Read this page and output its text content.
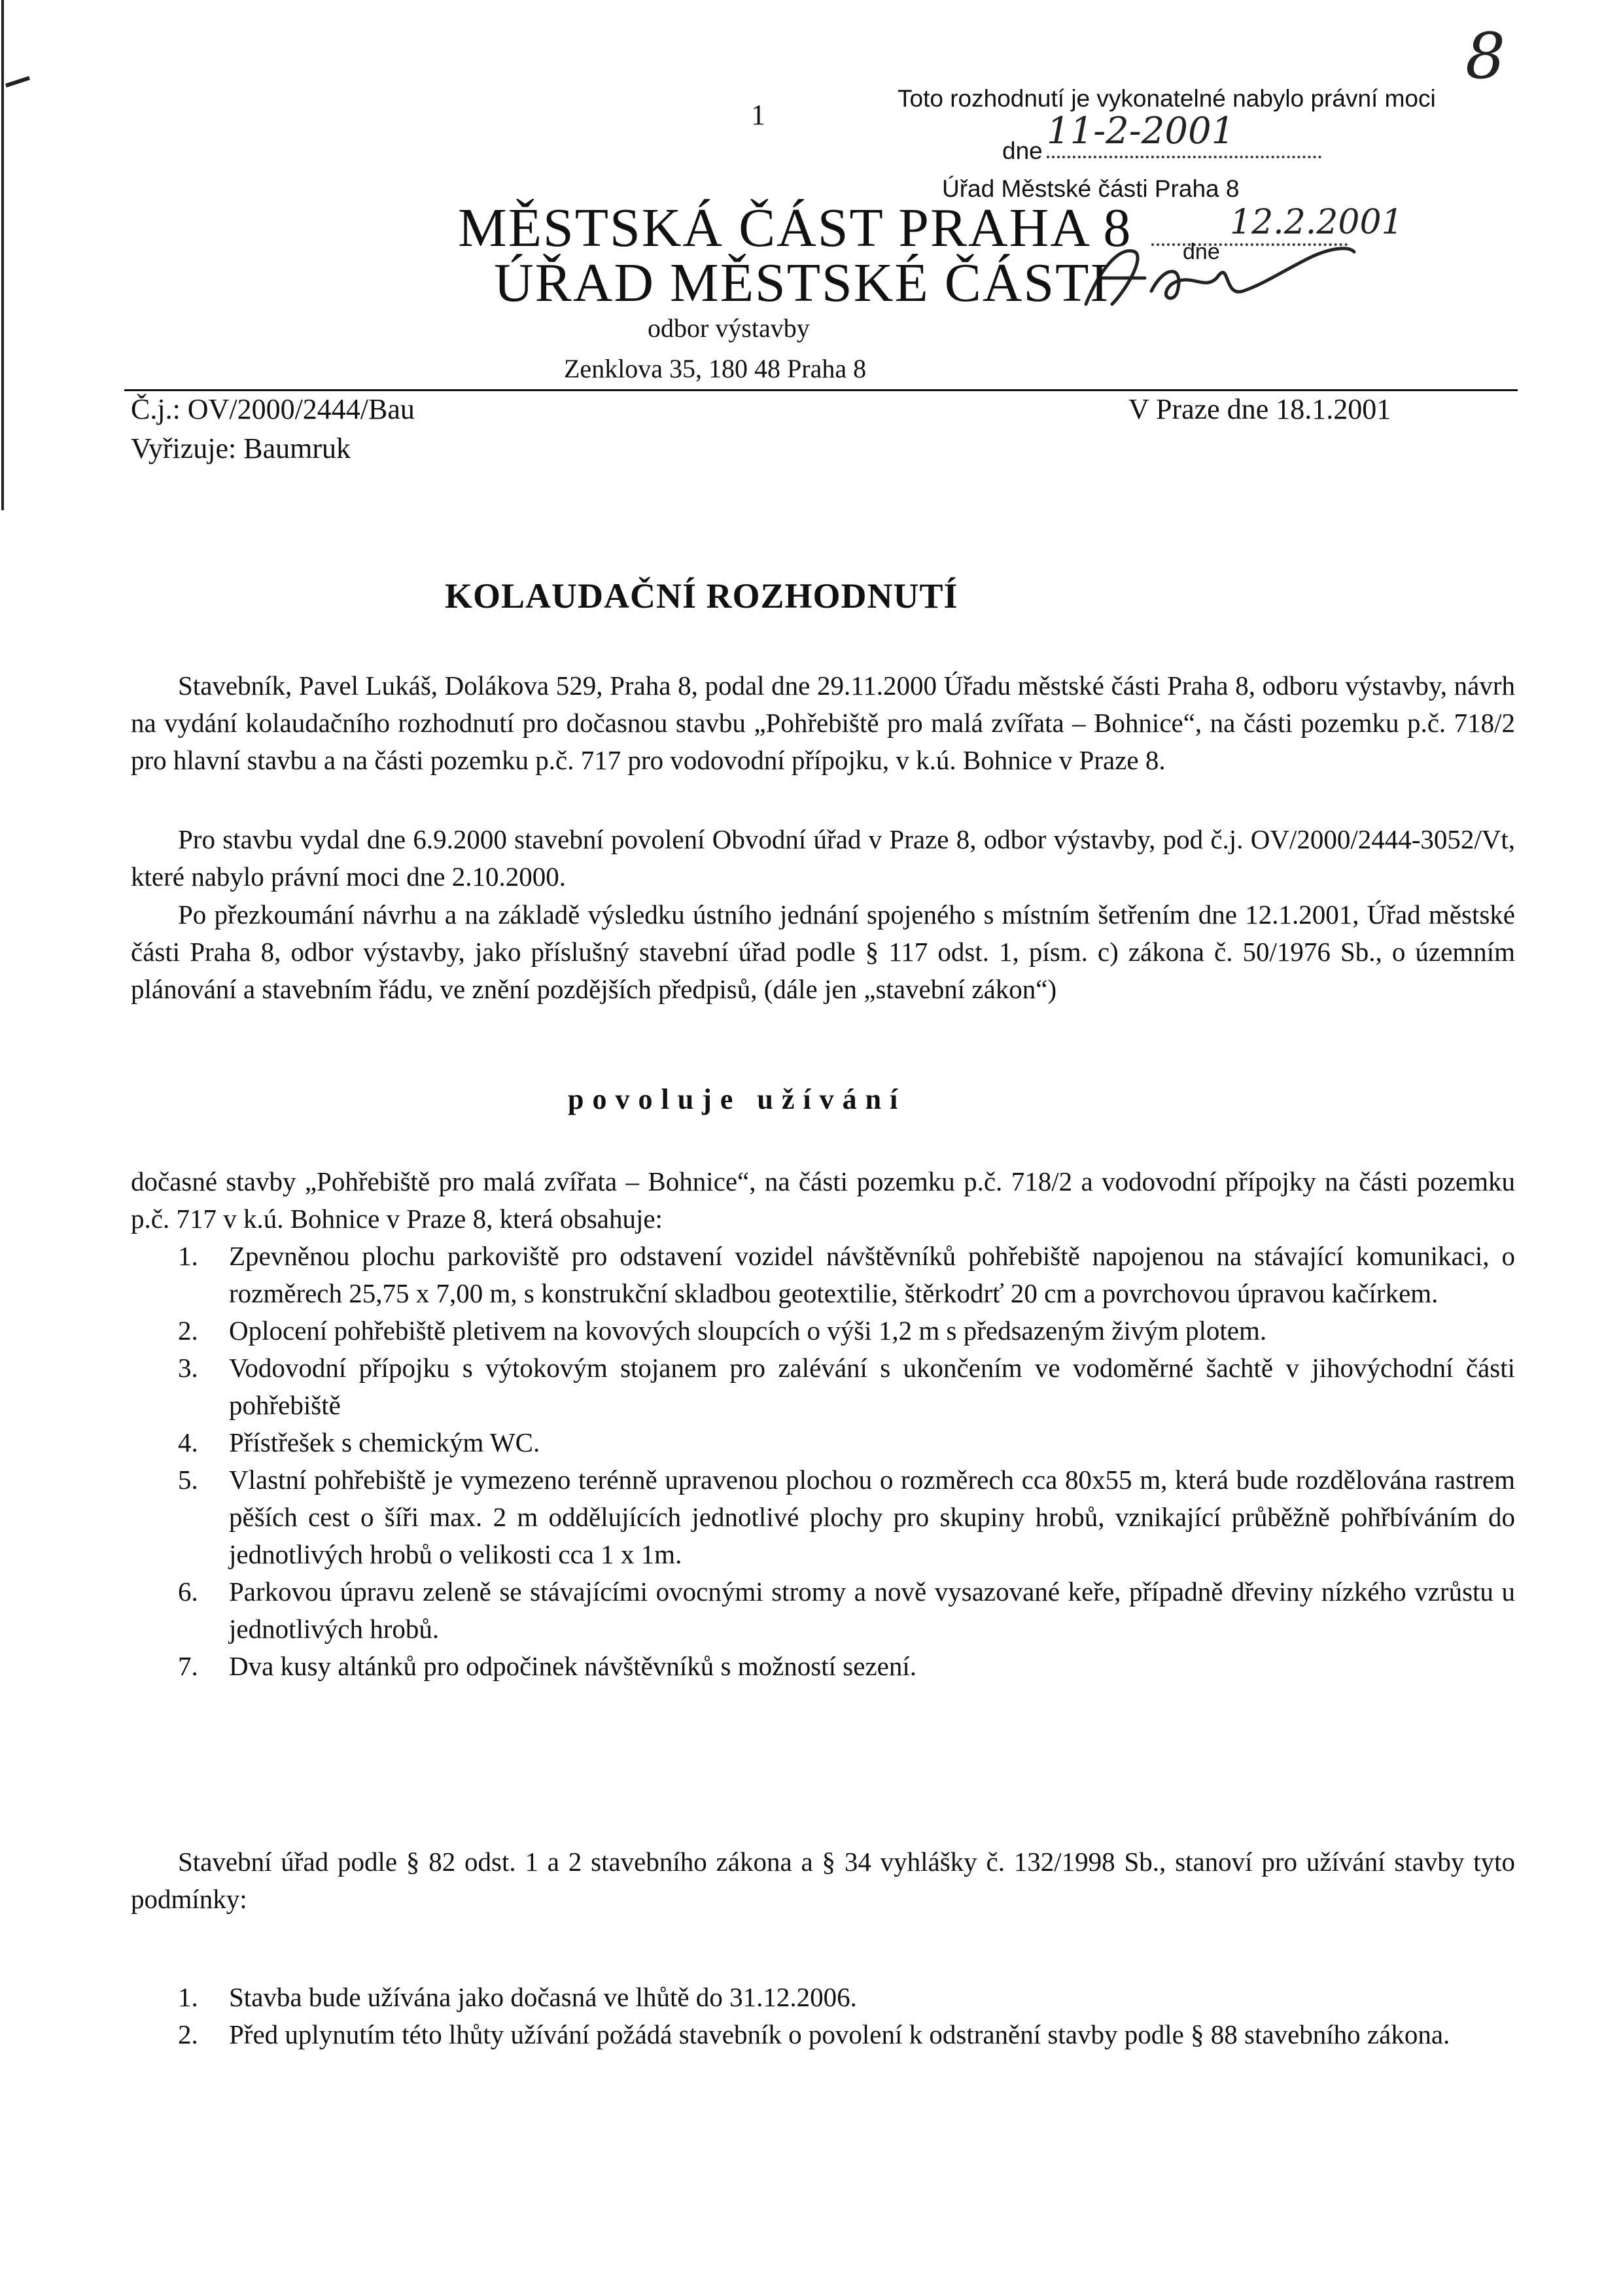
8
1
Toto rozhodnutí je vykonatelné nabylo právní moci
dne 11-2-2001
Úřad Městské části Praha 8
dne
12.2.2001
MĚSTSKÁ ČÁST PRAHA 8
ÚŘAD MĚSTSKÉ ČÁSTI
odbor výstavby
Zenklova 35, 180 48 Praha 8
Č.j.: OV/2000/2444/Bau
Vyřizuje: Baumruk
V Praze dne 18.1.2001
KOLAUDAČNÍ ROZHODNUTÍ

Stavebník, Pavel Lukáš, Dolákova 529, Praha 8, podal dne 29.11.2000 Úřadu městské části Praha 8, odboru výstavby, návrh na vydání kolaudačního rozhodnutí pro dočasnou stavbu „Pohřebiště pro malá zvířata – Bohnice“, na části pozemku p.č. 718/2 pro hlavní stavbu a na části pozemku p.č. 717 pro vodovodní přípojku, v k.ú. Bohnice v Praze 8.

Pro stavbu vydal dne 6.9.2000 stavební povolení Obvodní úřad v Praze 8, odbor výstavby, pod č.j. OV/2000/2444-3052/Vt, které nabylo právní moci dne 2.10.2000.

Po přezkoumání návrhu a na základě výsledku ústního jednání spojeného s místním šetřením dne 12.1.2001, Úřad městské části Praha 8, odbor výstavby, jako příslušný stavební úřad podle § 117 odst. 1, písm. c) zákona č. 50/1976 Sb., o územním plánování a stavebním řádu, ve znění pozdějších předpisů, (dále jen „stavební zákon“)

povoluje užívání

dočasné stavby „Pohřebiště pro malá zvířata – Bohnice“, na části pozemku p.č. 718/2 a vodovodní přípojky na části pozemku p.č. 717 v k.ú. Bohnice v Praze 8, která obsahuje:

1. Zpevněnou plochu parkoviště pro odstavení vozidel návštěvníků pohřebiště napojenou na stávající komunikaci, o rozměrech 25,75 x 7,00 m, s konstrukční skladbou geotextilie, štěrkodrť 20 cm a povrchovou úpravou kačírkem.
2. Oplocení pohřebiště pletivem na kovových sloupcích o výši 1,2 m s předsazeným živým plotem.
3. Vodovodní přípojku s výtokovým stojanem pro zalévání s ukončením ve vodoměrné šachtě v jihovýchodní části pohřebiště
4. Přístřešek s chemickým WC.
5. Vlastní pohřebiště je vymezeno terénně upravenou plochou o rozměrech cca 80x55 m, která bude rozdělována rastrem pěších cest o šíři max. 2 m oddělujících jednotlivé plochy pro skupiny hrobů, vznikající průběžně pohřbíváním do jednotlivých hrobů o velikosti cca 1 x 1m.
6. Parkovou úpravu zeleně se stávajícími ovocnými stromy a nově vysazované keře, případně dřeviny nízkého vzrůstu u jednotlivých hrobů.
7. Dva kusy altánků pro odpočinek návštěvníků s možností sezení.

Stavební úřad podle § 82 odst. 1 a 2 stavebního zákona a § 34 vyhlášky č. 132/1998 Sb., stanoví pro užívání stavby tyto podmínky:

1. Stavba bude užívána jako dočasná ve lhůtě do 31.12.2006.
2. Před uplynutím této lhůty užívání požádá stavebník o povolení k odstranění stavby podle § 88 stavebního zákona.
